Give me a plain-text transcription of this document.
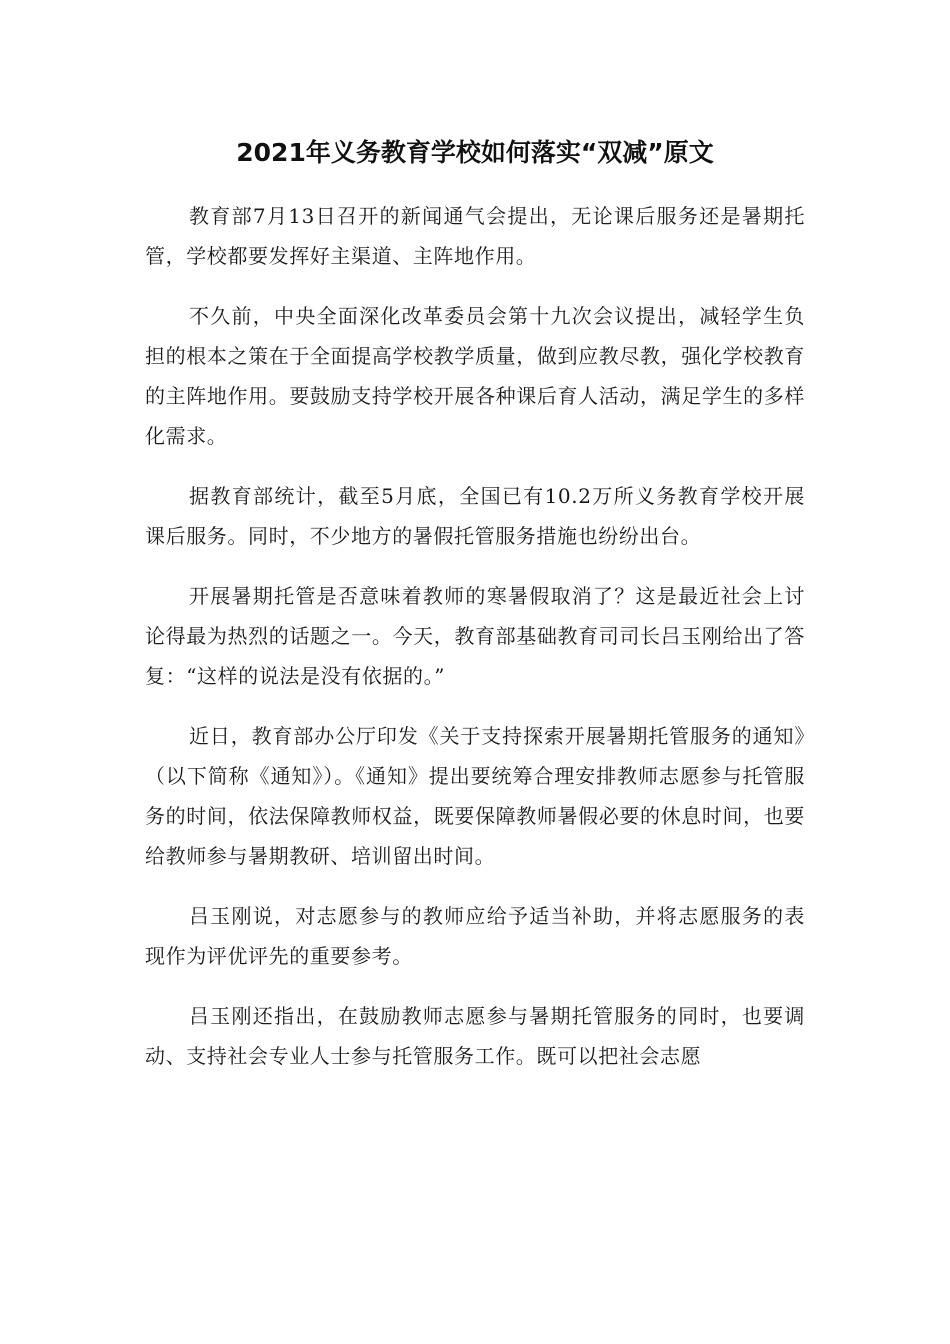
2021年义务教育学校如何落实“双减”原文

教育部7月13日召开的新闻通气会提出，无论课后服务还是暑期托管，学校都要发挥好主渠道、主阵地作用。

不久前，中央全面深化改革委员会第十九次会议提出，减轻学生负担的根本之策在于全面提高学校教学质量，做到应教尽教，强化学校教育的主阵地作用。要鼓励支持学校开展各种课后育人活动，满足学生的多样化需求。

据教育部统计，截至5月底，全国已有10.2万所义务教育学校开展课后服务。同时，不少地方的暑假托管服务措施也纷纷出台。

开展暑期托管是否意味着教师的寒暑假取消了？这是最近社会上讨论得最为热烈的话题之一。今天，教育部基础教育司司长吕玉刚给出了答复：“这样的说法是没有依据的。”

近日，教育部办公厅印发《关于支持探索开展暑期托管服务的通知》（以下简称《通知》）。《通知》提出要统筹合理安排教师志愿参与托管服务的时间，依法保障教师权益，既要保障教师暑假必要的休息时间，也要给教师参与暑期教研、培训留出时间。

吕玉刚说，对志愿参与的教师应给予适当补助，并将志愿服务的表现作为评优评先的重要参考。

吕玉刚还指出，在鼓励教师志愿参与暑期托管服务的同时，也要调动、支持社会专业人士参与托管服务工作。既可以把社会志愿
